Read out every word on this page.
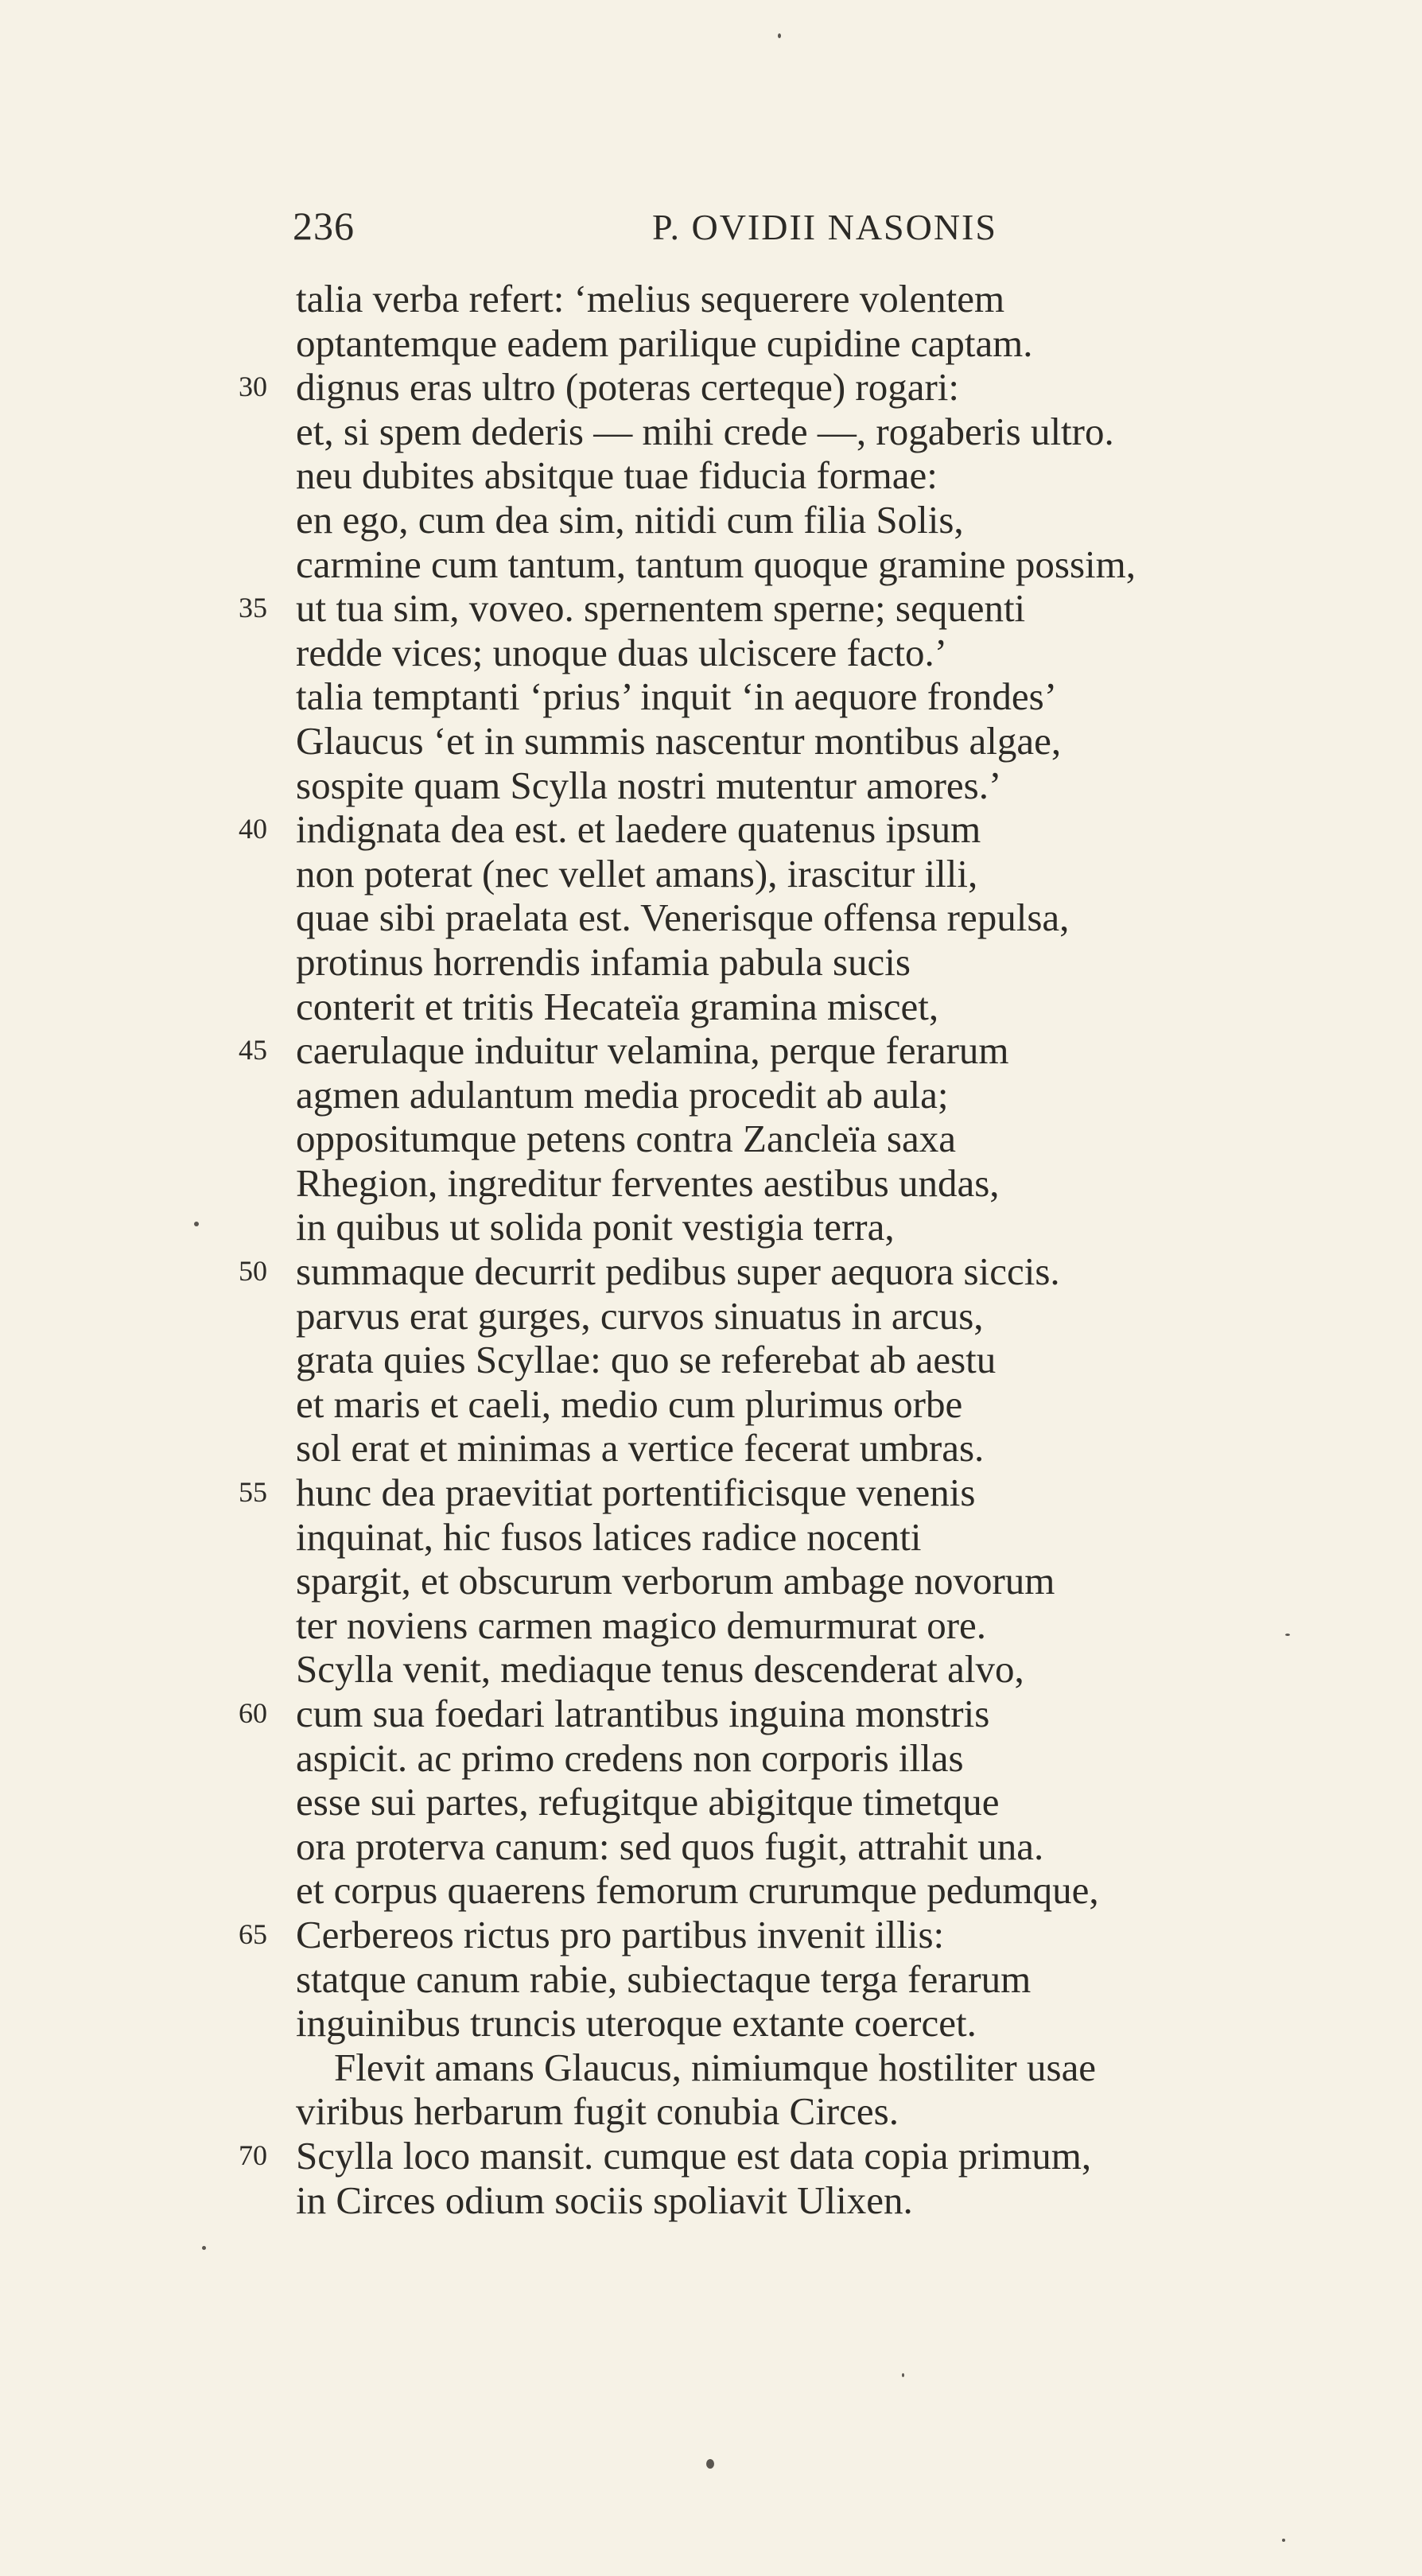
236	P. OVIDII NASONIS
talia verba refert: ‘melius sequerere volentem
optantemque eadem parilique cupidine captam.
30 dignus eras ultro (poteras certeque) rogari:
et, si spem dederis — mihi crede —, rogaberis ultro.
neu dubites absitque tuae fiducia formae:
en ego, cum dea sim, nitidi cum filia Solis,
carmine cum tantum, tantum quoque gramine possim,
35 ut tua sim, voveo. spernentem sperne; sequenti
redde vices; unoque duas ulciscere facto.’
talia temptanti ‘prius’ inquit ‘in aequore frondes’
Glaucus ‘et in summis nascentur montibus algae,
sospite quam Scylla nostri mutentur amores.’
40 indignata dea est. et laedere quatenus ipsum
non poterat (nec vellet amans), irascitur illi,
quae sibi praelata est. Venerisque offensa repulsa,
protinus horrendis infamia pabula sucis
conterit et tritis Hecateïa gramina miscet,
45 caerulaque induitur velamina, perque ferarum
agmen adulantum media procedit ab aula;
oppositumque petens contra Zancleïa saxa
Rhegion, ingreditur ferventes aestibus undas,
in quibus ut solida ponit vestigia terra,
50 summaque decurrit pedibus super aequora siccis.
parvus erat gurges, curvos sinuatus in arcus,
grata quies Scyllae: quo se referebat ab aestu
et maris et caeli, medio cum plurimus orbe
sol erat et minimas a vertice fecerat umbras.
55 hunc dea praevitiat portentificisque venenis
inquinat, hic fusos latices radice nocenti
spargit, et obscurum verborum ambage novorum
ter noviens carmen magico demurmurat ore.
Scylla venit, mediaque tenus descenderat alvo,
60 cum sua foedari latrantibus inguina monstris
aspicit. ac primo credens non corporis illas
esse sui partes, refugitque abigitque timetque
ora proterva canum: sed quos fugit, attrahit una.
et corpus quaerens femorum crurumque pedumque,
65 Cerbereos rictus pro partibus invenit illis:
statque canum rabie, subiectaque terga ferarum
inguinibus truncis uteroque extante coercet.
Flevit amans Glaucus, nimiumque hostiliter usae
viribus herbarum fugit conubia Circes.
70 Scylla loco mansit. cumque est data copia primum,
in Circes odium sociis spoliavit Ulixen.
